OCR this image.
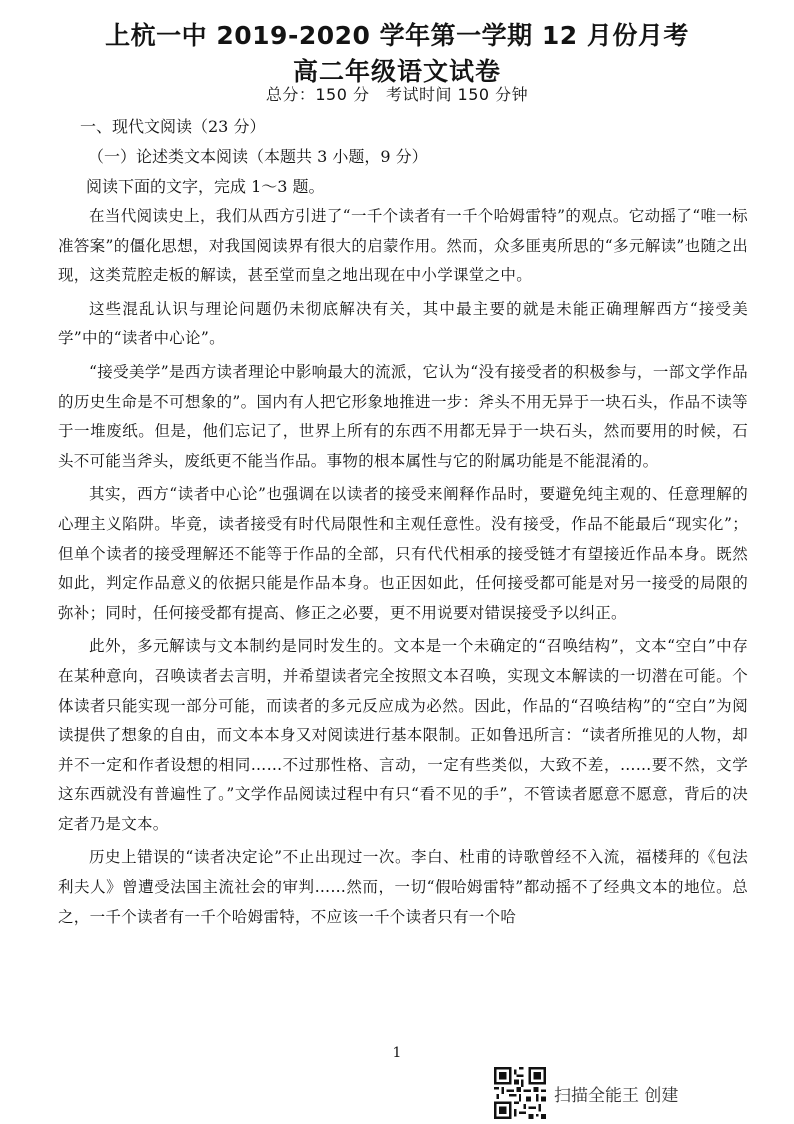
上杭一中 2019-2020 学年第一学期 12 月份月考
高二年级语文试卷
总分：150 分　考试时间 150 分钟

一、现代文阅读（23 分）

（一）论述类文本阅读（本题共 3 小题，9 分）

阅读下面的文字，完成 1～3 题。

在当代阅读史上，我们从西方引进了“一千个读者有一千个哈姆雷特”的观点。它动摇了“唯一标准答案”的僵化思想，对我国阅读界有很大的启蒙作用。然而，众多匪夷所思的“多元解读”也随之出现，这类荒腔走板的解读，甚至堂而皇之地出现在中小学课堂之中。

这些混乱认识与理论问题仍未彻底解决有关，其中最主要的就是未能正确理解西方“接受美学”中的“读者中心论”。

“接受美学”是西方读者理论中影响最大的流派，它认为“没有接受者的积极参与，一部文学作品的历史生命是不可想象的”。国内有人把它形象地推进一步：斧头不用无异于一块石头，作品不读等于一堆废纸。但是，他们忘记了，世界上所有的东西不用都无异于一块石头，然而要用的时候，石头不可能当斧头，废纸更不能当作品。事物的根本属性与它的附属功能是不能混淆的。

其实，西方“读者中心论”也强调在以读者的接受来阐释作品时，要避免纯主观的、任意理解的心理主义陷阱。毕竟，读者接受有时代局限性和主观任意性。没有接受，作品不能最后“现实化”；但单个读者的接受理解还不能等于作品的全部，只有代代相承的接受链才有望接近作品本身。既然如此，判定作品意义的依据只能是作品本身。也正因如此，任何接受都可能是对另一接受的局限的弥补；同时，任何接受都有提高、修正之必要，更不用说要对错误接受予以纠正。

此外，多元解读与文本制约是同时发生的。文本是一个未确定的“召唤结构”，文本“空白”中存在某种意向，召唤读者去言明，并希望读者完全按照文本召唤，实现文本解读的一切潜在可能。个体读者只能实现一部分可能，而读者的多元反应成为必然。因此，作品的“召唤结构”的“空白”为阅读提供了想象的自由，而文本本身又对阅读进行基本限制。正如鲁迅所言：“读者所推见的人物，却并不一定和作者设想的相同……不过那性格、言动，一定有些类似，大致不差，……要不然，文学这东西就没有普遍性了。”文学作品阅读过程中有只“看不见的手”，不管读者愿意不愿意，背后的决定者乃是文本。

历史上错误的“读者决定论”不止出现过一次。李白、杜甫的诗歌曾经不入流，福楼拜的《包法利夫人》曾遭受法国主流社会的审判……然而，一切“假哈姆雷特”都动摇不了经典文本的地位。总之，一千个读者有一千个哈姆雷特，不应该一千个读者只有一个哈

1
扫描全能王 创建
